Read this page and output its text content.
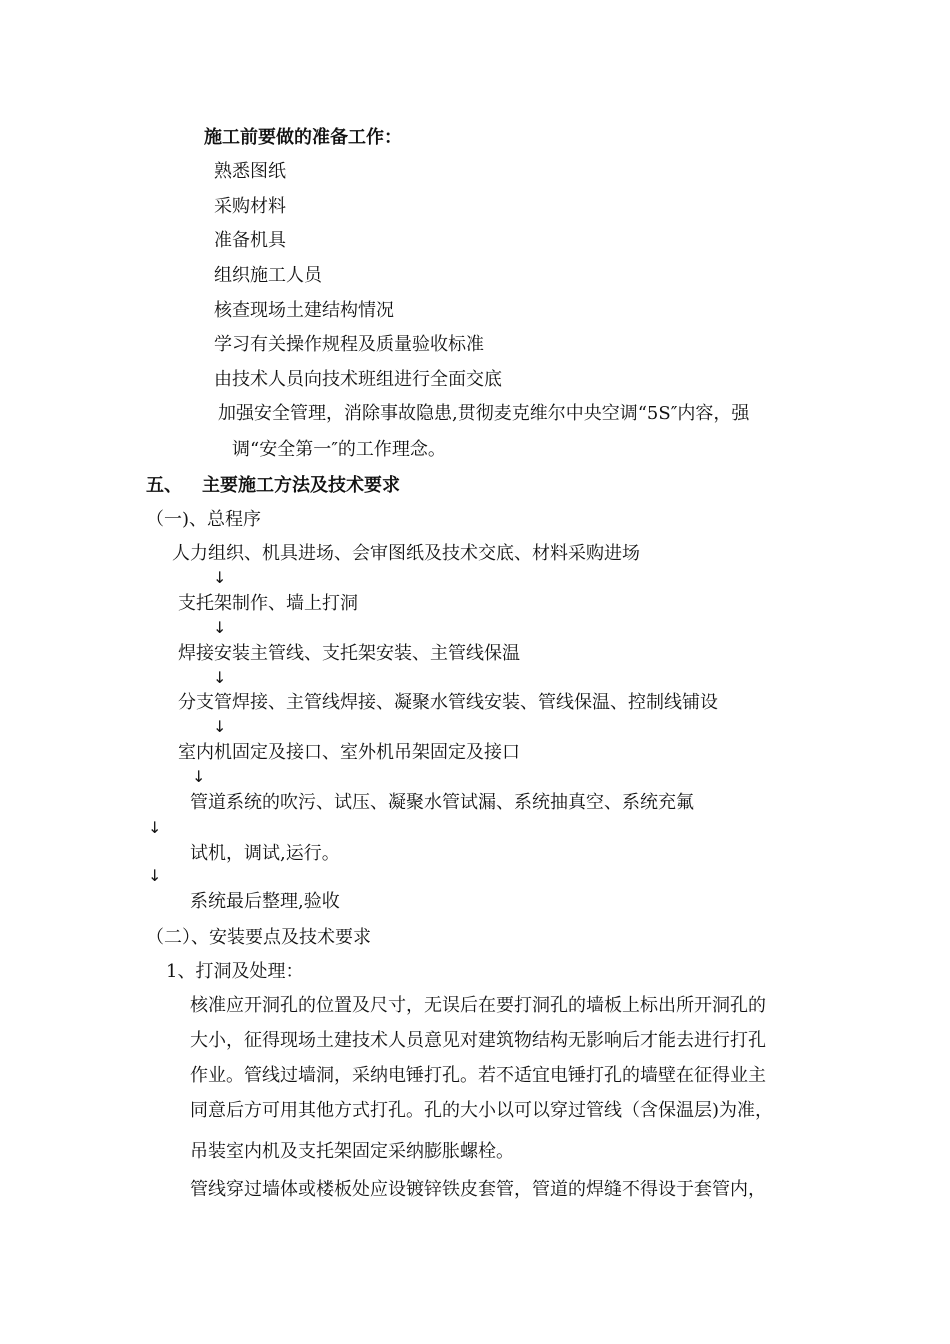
施工前要做的准备工作：
熟悉图纸
采购材料
准备机具
组织施工人员
核查现场土建结构情况
学习有关操作规程及质量验收标准
由技术人员向技术班组进行全面交底
加强安全管理，消除事故隐患,贯彻麦克维尔中央空调“5S″内容，强
调“安全第一″的工作理念。
五、 主要施工方法及技术要求
（一)、总程序
人力组织、机具进场、会审图纸及技术交底、材料采购进场
↓
支托架制作、墙上打洞
↓
焊接安装主管线、支托架安装、主管线保温
↓
分支管焊接、主管线焊接、凝聚水管线安装、管线保温、控制线铺设
↓
室内机固定及接口、室外机吊架固定及接口
↓
管道系统的吹污、试压、凝聚水管试漏、系统抽真空、系统充氟
↓
试机，调试,运行。
↓
系统最后整理,验收
（二）、安装要点及技术要求
1、打洞及处理：
核准应开洞孔的位置及尺寸，无误后在要打洞孔的墙板上标出所开洞孔的
大小，征得现场土建技术人员意见对建筑物结构无影响后才能去进行打孔
作业。管线过墙洞，采纳电锤打孔。若不适宜电锤打孔的墙壁在征得业主
同意后方可用其他方式打孔。孔的大小以可以穿过管线（含保温层)为准，
吊装室内机及支托架固定采纳膨胀螺栓。
管线穿过墙体或楼板处应设镀锌铁皮套管，管道的焊缝不得设于套管内，
